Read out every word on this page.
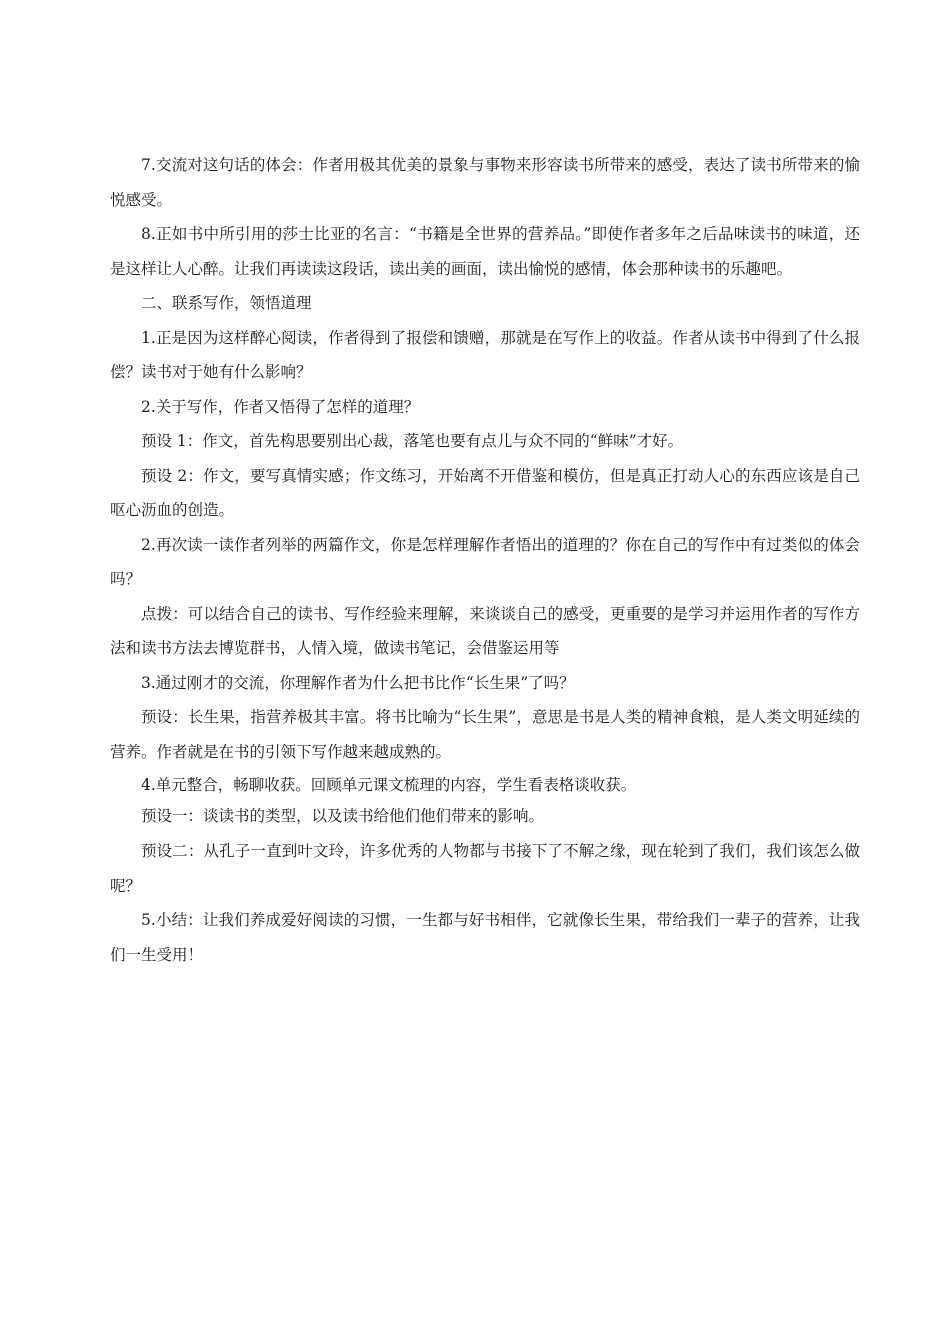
7.交流对这句话的体会：作者用极其优美的景象与事物来形容读书所带来的感受，表达了读书所带来的愉悦感受。

8.正如书中所引用的莎士比亚的名言：“书籍是全世界的营养品。”即使作者多年之后品味读书的味道，还是这样让人心醉。让我们再读读这段话，读出美的画面，读出愉悦的感情，体会那种读书的乐趣吧。

二、联系写作，领悟道理

1.正是因为这样醉心阅读，作者得到了报偿和馈赠，那就是在写作上的收益。作者从读书中得到了什么报偿？读书对于她有什么影响？

2.关于写作，作者又悟得了怎样的道理？

预设 1：作文，首先构思要别出心裁，落笔也要有点儿与众不同的“鲜味”才好。

预设 2：作文，要写真情实感；作文练习，开始离不开借鉴和模仿，但是真正打动人心的东西应该是自己呕心沥血的创造。

2.再次读一读作者列举的两篇作文，你是怎样理解作者悟出的道理的？你在自己的写作中有过类似的体会吗？

点拨：可以结合自己的读书、写作经验来理解，来谈谈自己的感受，更重要的是学习并运用作者的写作方法和读书方法去博览群书，人情入境，做读书笔记，会借鉴运用等

3.通过刚才的交流，你理解作者为什么把书比作“长生果”了吗？

预设：长生果，指营养极其丰富。将书比喻为“长生果”，意思是书是人类的精神食粮，是人类文明延续的营养。作者就是在书的引领下写作越来越成熟的。

4.单元整合，畅聊收获。回顾单元课文梳理的内容，学生看表格谈收获。

预设一：谈读书的类型，以及读书给他们他们带来的影响。

预设二：从孔子一直到叶文玲，许多优秀的人物都与书接下了不解之缘，现在轮到了我们，我们该怎么做呢？

5.小结：让我们养成爱好阅读的习惯，一生都与好书相伴，它就像长生果，带给我们一辈子的营养，让我们一生受用！
